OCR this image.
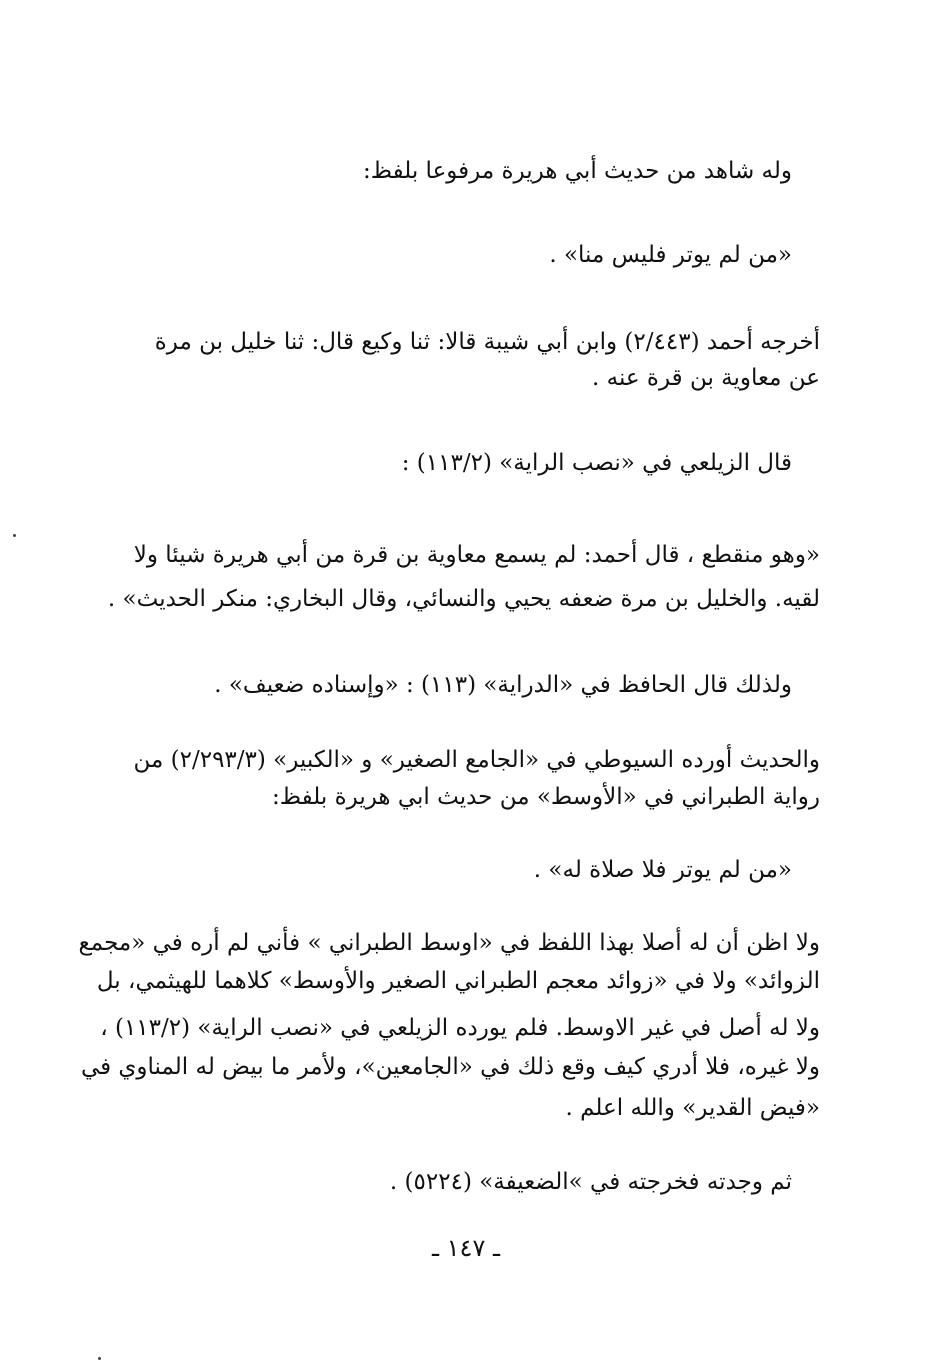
وله شاهد من حديث أبي هريرة مرفوعا بلفظ:
«من لم يوتر فليس منا» .
أخرجه أحمد (٢/٤٤٣) وابن أبي شيبة قالا: ثنا وكيع قال: ثنا خليل بن مرة
عن معاوية بن قرة عنه .
قال الزيلعي في «نصب الراية» (١١٣/٢) :
«وهو منقطع ، قال أحمد: لم يسمع معاوية بن قرة من أبي هريرة شيئا ولا
لقيه. والخليل بن مرة ضعفه يحيي والنسائي، وقال البخاري: منكر الحديث» .
ولذلك قال الحافظ في «الدراية» (١١٣) : «وإسناده ضعيف» .
والحديث أورده السيوطي في «الجامع الصغير» و «الكبير» (٢/٢٩٣/٣) من
رواية الطبراني في «الأوسط» من حديث ابي هريرة بلفظ:
«من لم يوتر فلا صلاة له» .
ولا اظن أن له أصلا بهذا اللفظ في «اوسط الطبراني » فأني لم أره في «مجمع
الزوائد» ولا في «زوائد معجم الطبراني الصغير والأوسط» كلاهما للهيثمي، بل
ولا له أصل في غير الاوسط. فلم يورده الزيلعي في «نصب الراية» (١١٣/٢) ،
ولا غيره، فلا أدري كيف وقع ذلك في «الجامعين»، ولأمر ما بيض له المناوي في
«فيض القدير» والله اعلم .
ثم وجدته فخرجته في »الضعيفة» (٥٢٢٤) .
ـ ١٤٧ ـ
